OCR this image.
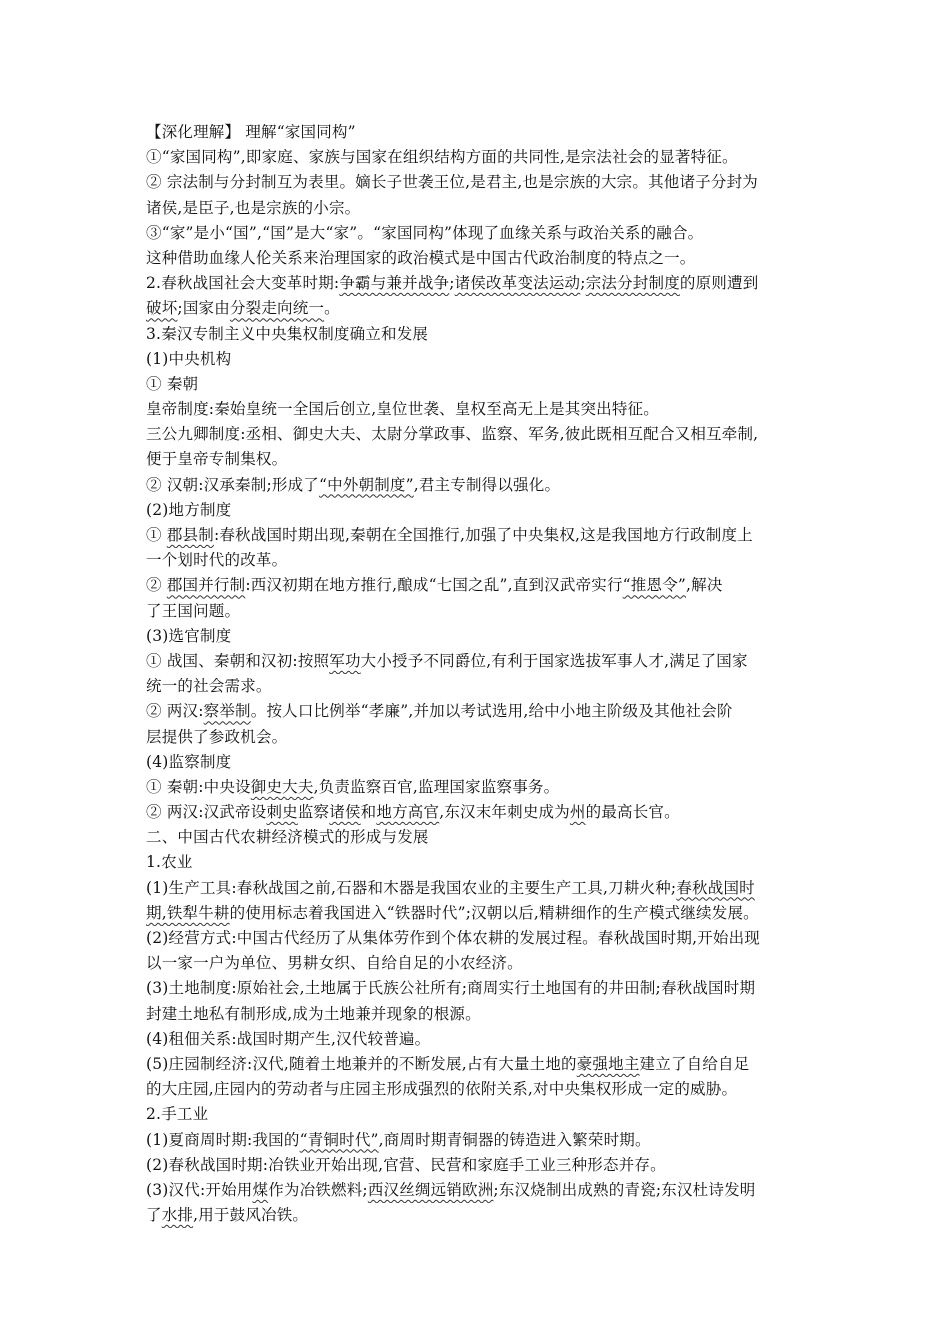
【深化理解】 理解“家国同构”
①“家国同构”,即家庭、家族与国家在组织结构方面的共同性,是宗法社会的显著特征。
② 宗法制与分封制互为表里。嫡长子世袭王位,是君主,也是宗族的大宗。其他诸子分封为
诸侯,是臣子,也是宗族的小宗。
③“家”是小“国”,“国”是大“家”。“家国同构”体现了血缘关系与政治关系的融合。
这种借助血缘人伦关系来治理国家的政治模式是中国古代政治制度的特点之一。
2.春秋战国社会大变革时期:争霸与兼并战争;诸侯改革变法运动;宗法分封制度的原则遭到
破坏;国家由分裂走向统一。
3.秦汉专制主义中央集权制度确立和发展
(1)中央机构
① 秦朝
皇帝制度:秦始皇统一全国后创立,皇位世袭、皇权至高无上是其突出特征。
三公九卿制度:丞相、御史大夫、太尉分掌政事、监察、军务,彼此既相互配合又相互牵制,
便于皇帝专制集权。
② 汉朝:汉承秦制;形成了“中外朝制度”,君主专制得以强化。
(2)地方制度
① 郡县制:春秋战国时期出现,秦朝在全国推行,加强了中央集权,这是我国地方行政制度上
一个划时代的改革。
② 郡国并行制:西汉初期在地方推行,酿成“七国之乱”,直到汉武帝实行“推恩令”,解决
了王国问题。
(3)选官制度
① 战国、秦朝和汉初:按照军功大小授予不同爵位,有利于国家选拔军事人才,满足了国家
统一的社会需求。
② 两汉:察举制。按人口比例举“孝廉”,并加以考试选用,给中小地主阶级及其他社会阶
层提供了参政机会。
(4)监察制度
① 秦朝:中央设御史大夫,负责监察百官,监理国家监察事务。
② 两汉:汉武帝设刺史监察诸侯和地方高官,东汉末年刺史成为州的最高长官。
二、中国古代农耕经济模式的形成与发展
1.农业
(1)生产工具:春秋战国之前,石器和木器是我国农业的主要生产工具,刀耕火种;春秋战国时
期,铁犁牛耕的使用标志着我国进入“铁器时代”;汉朝以后,精耕细作的生产模式继续发展。
(2)经营方式:中国古代经历了从集体劳作到个体农耕的发展过程。春秋战国时期,开始出现
以一家一户为单位、男耕女织、自给自足的小农经济。
(3)土地制度:原始社会,土地属于氏族公社所有;商周实行土地国有的井田制;春秋战国时期
封建土地私有制形成,成为土地兼并现象的根源。
(4)租佃关系:战国时期产生,汉代较普遍。
(5)庄园制经济:汉代,随着土地兼并的不断发展,占有大量土地的豪强地主建立了自给自足
的大庄园,庄园内的劳动者与庄园主形成强烈的依附关系,对中央集权形成一定的威胁。
2.手工业
(1)夏商周时期:我国的“青铜时代”,商周时期青铜器的铸造进入繁荣时期。
(2)春秋战国时期:冶铁业开始出现,官营、民营和家庭手工业三种形态并存。
(3)汉代:开始用煤作为冶铁燃料;西汉丝绸远销欧洲;东汉烧制出成熟的青瓷;东汉杜诗发明
了水排,用于鼓风冶铁。
